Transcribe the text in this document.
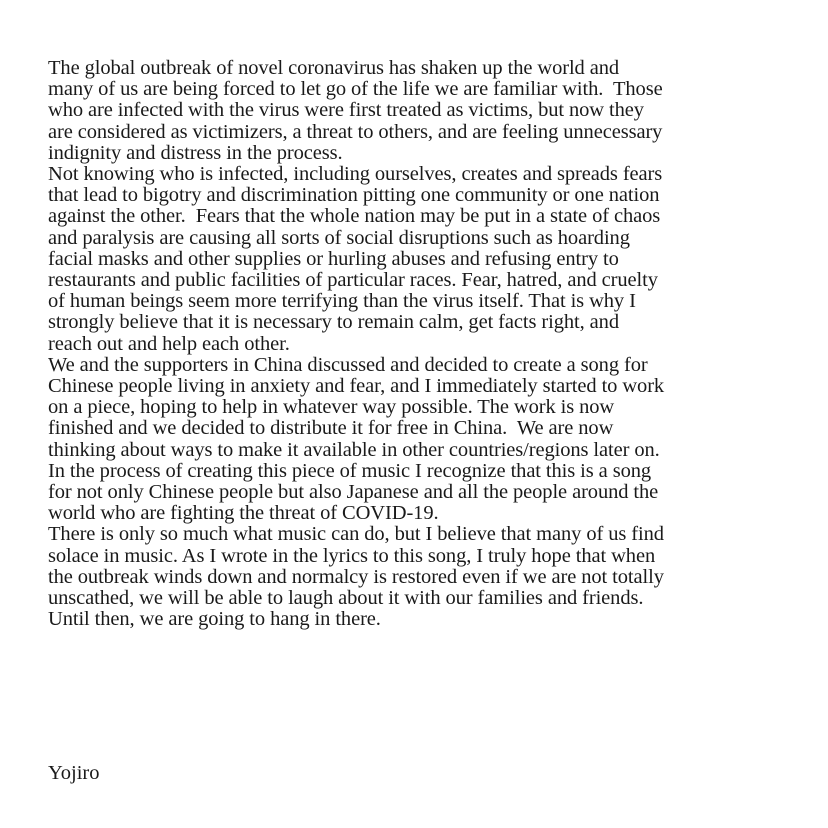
The global outbreak of novel coronavirus has shaken up the world and
many of us are being forced to let go of the life we are familiar with.  Those
who are infected with the virus were first treated as victims, but now they
are considered as victimizers, a threat to others, and are feeling unnecessary
indignity and distress in the process.
Not knowing who is infected, including ourselves, creates and spreads fears
that lead to bigotry and discrimination pitting one community or one nation
against the other.  Fears that the whole nation may be put in a state of chaos
and paralysis are causing all sorts of social disruptions such as hoarding
facial masks and other supplies or hurling abuses and refusing entry to
restaurants and public facilities of particular races. Fear, hatred, and cruelty
of human beings seem more terrifying than the virus itself. That is why I
strongly believe that it is necessary to remain calm, get facts right, and
reach out and help each other.
We and the supporters in China discussed and decided to create a song for
Chinese people living in anxiety and fear, and I immediately started to work
on a piece, hoping to help in whatever way possible. The work is now
finished and we decided to distribute it for free in China.  We are now
thinking about ways to make it available in other countries/regions later on.
In the process of creating this piece of music I recognize that this is a song
for not only Chinese people but also Japanese and all the people around the
world who are fighting the threat of COVID-19.
There is only so much what music can do, but I believe that many of us find
solace in music. As I wrote in the lyrics to this song, I truly hope that when
the outbreak winds down and normalcy is restored even if we are not totally
unscathed, we will be able to laugh about it with our families and friends.
Until then, we are going to hang in there.

Yojiro
